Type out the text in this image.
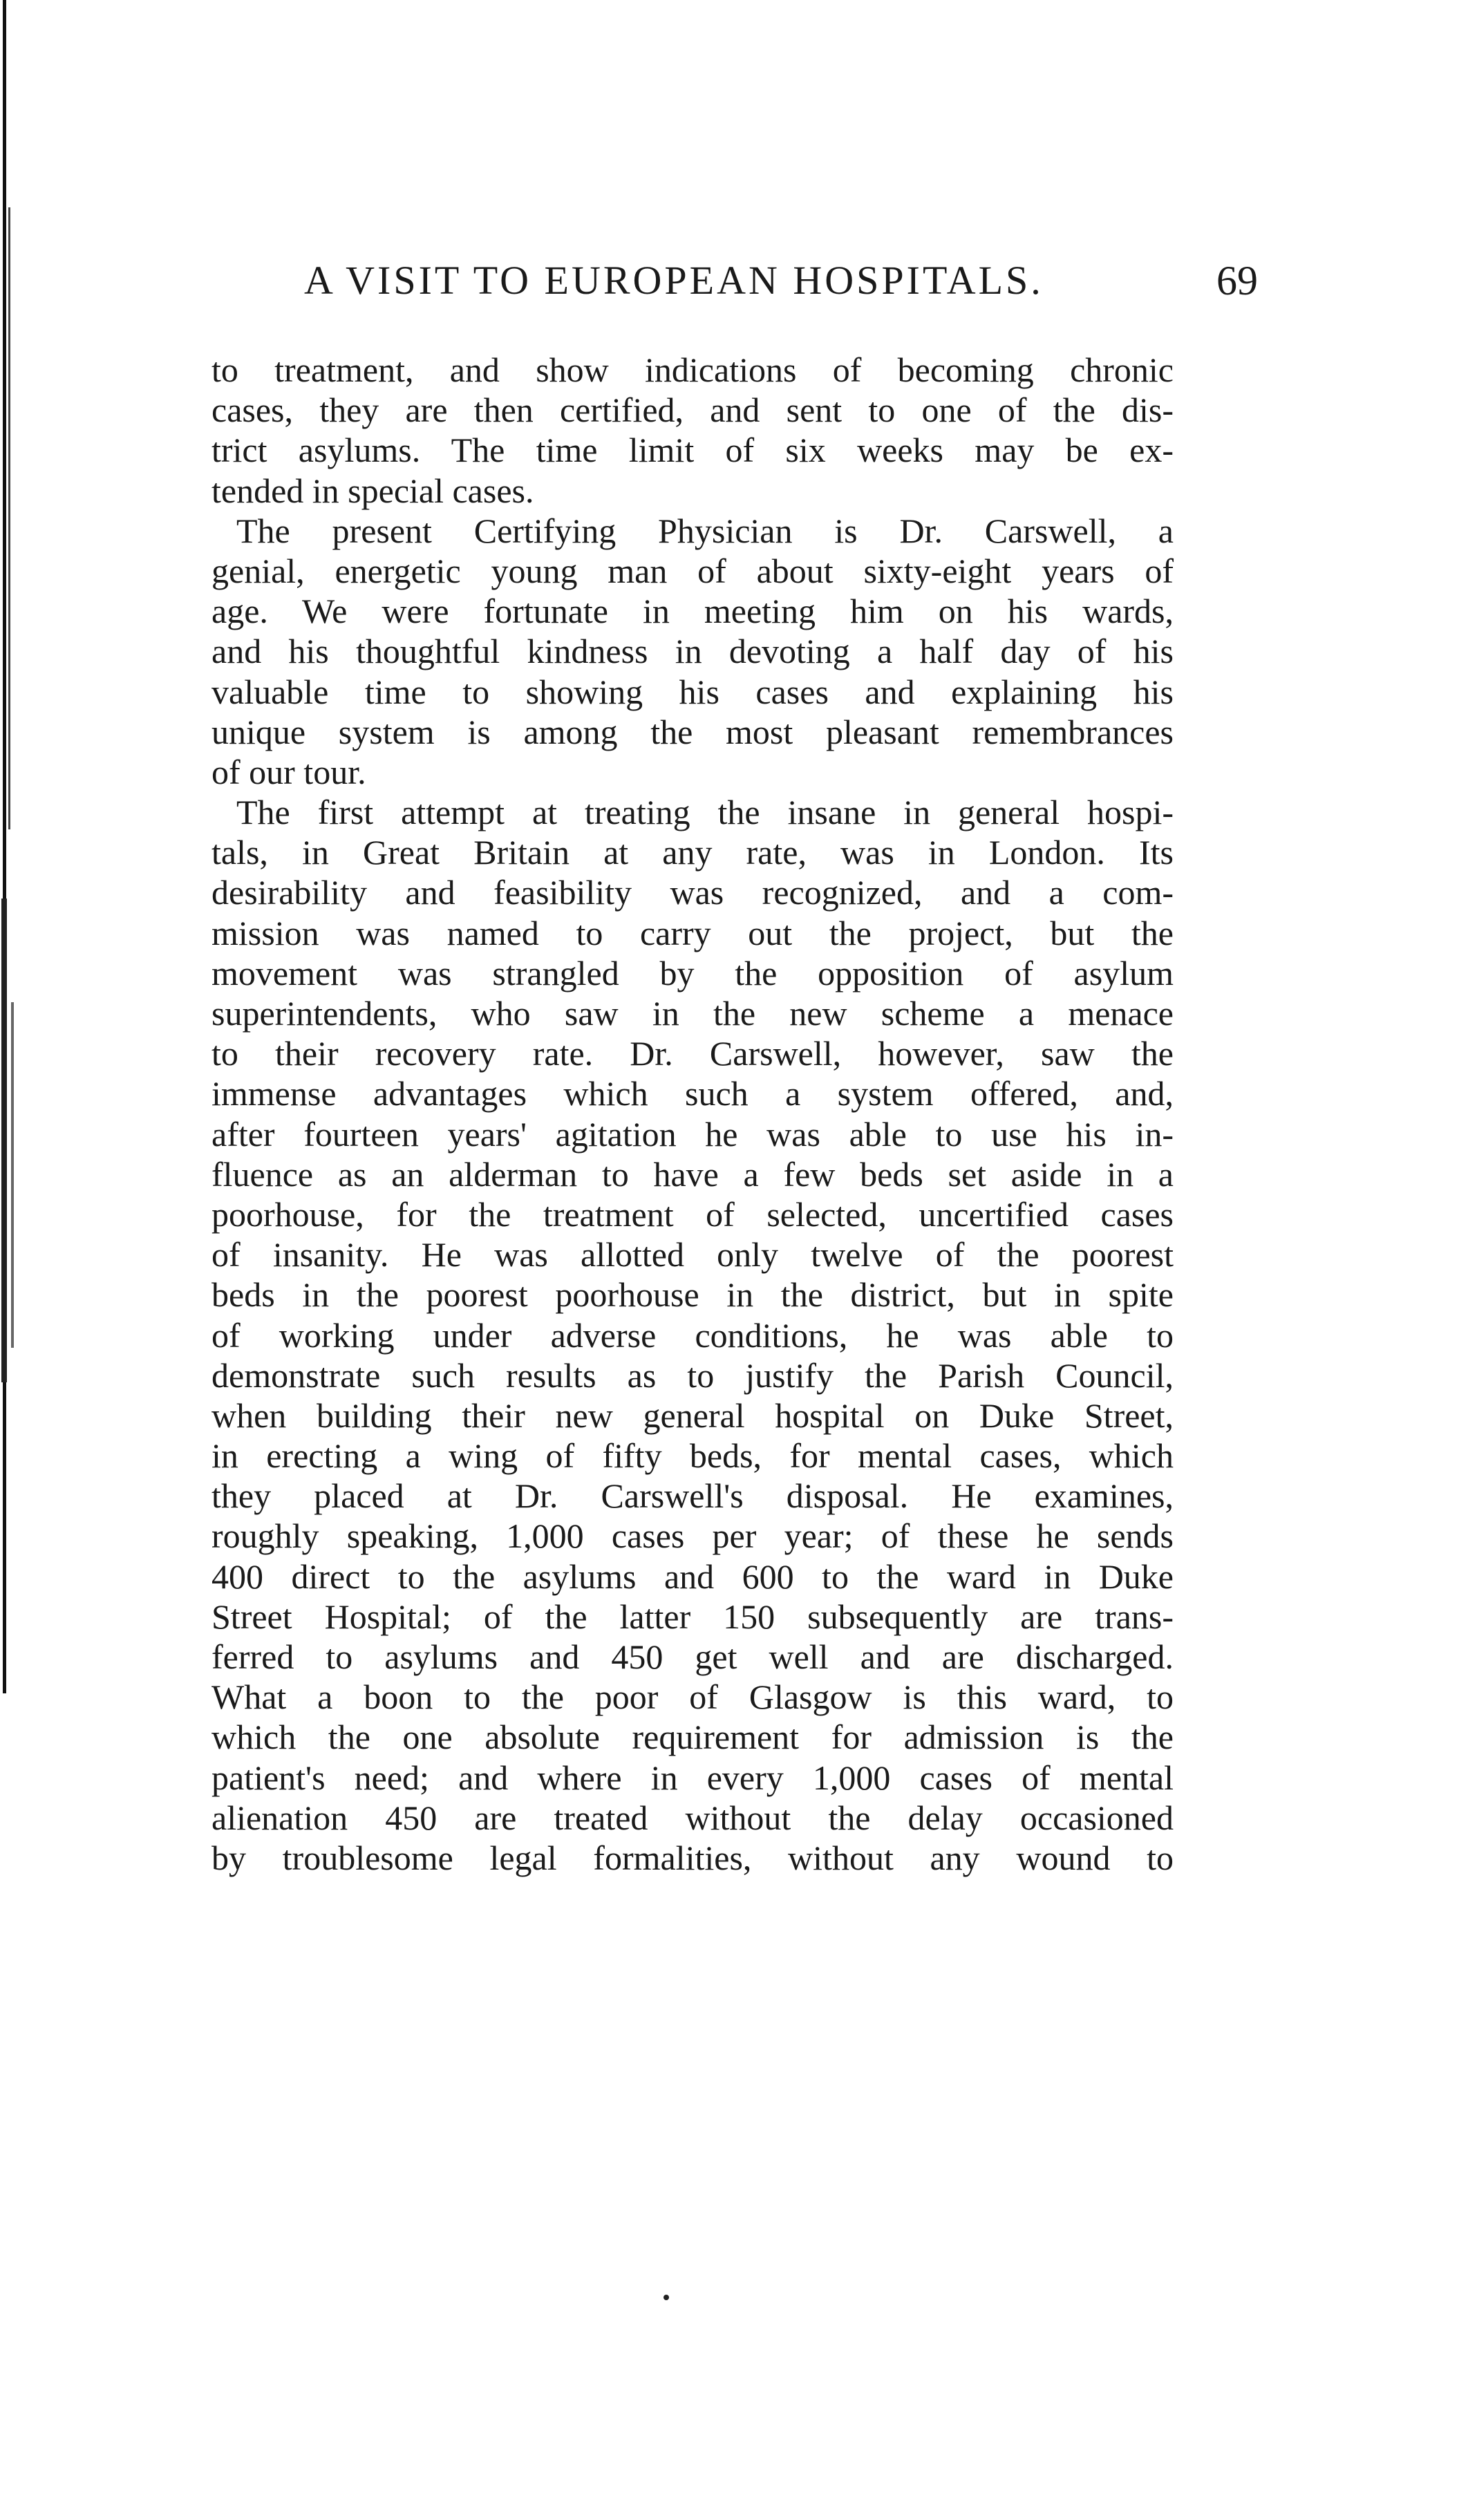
A VISIT TO EUROPEAN HOSPITALS.	69
to treatment, and show indications of becoming chronic
cases, they are then certified, and sent to one of the dis-
trict asylums. The time limit of six weeks may be ex-
tended in special cases.
The present Certifying Physician is Dr. Carswell, a
genial, energetic young man of about sixty-eight years of
age. We were fortunate in meeting him on his wards,
and his thoughtful kindness in devoting a half day of his
valuable time to showing his cases and explaining his
unique system is among the most pleasant remembrances
of our tour.
The first attempt at treating the insane in general hospi-
tals, in Great Britain at any rate, was in London. Its
desirability and feasibility was recognized, and a com-
mission was named to carry out the project, but the
movement was strangled by the opposition of asylum
superintendents, who saw in the new scheme a menace
to their recovery rate. Dr. Carswell, however, saw the
immense advantages which such a system offered, and,
after fourteen years' agitation he was able to use his in-
fluence as an alderman to have a few beds set aside in a
poorhouse, for the treatment of selected, uncertified cases
of insanity. He was allotted only twelve of the poorest
beds in the poorest poorhouse in the district, but in spite
of working under adverse conditions, he was able to
demonstrate such results as to justify the Parish Council,
when building their new general hospital on Duke Street,
in erecting a wing of fifty beds, for mental cases, which
they placed at Dr. Carswell's disposal. He examines,
roughly speaking, 1,000 cases per year; of these he sends
400 direct to the asylums and 600 to the ward in Duke
Street Hospital; of the latter 150 subsequently are trans-
ferred to asylums and 450 get well and are discharged.
What a boon to the poor of Glasgow is this ward, to
which the one absolute requirement for admission is the
patient's need; and where in every 1,000 cases of mental
alienation 450 are treated without the delay occasioned
by troublesome legal formalities, without any wound to
